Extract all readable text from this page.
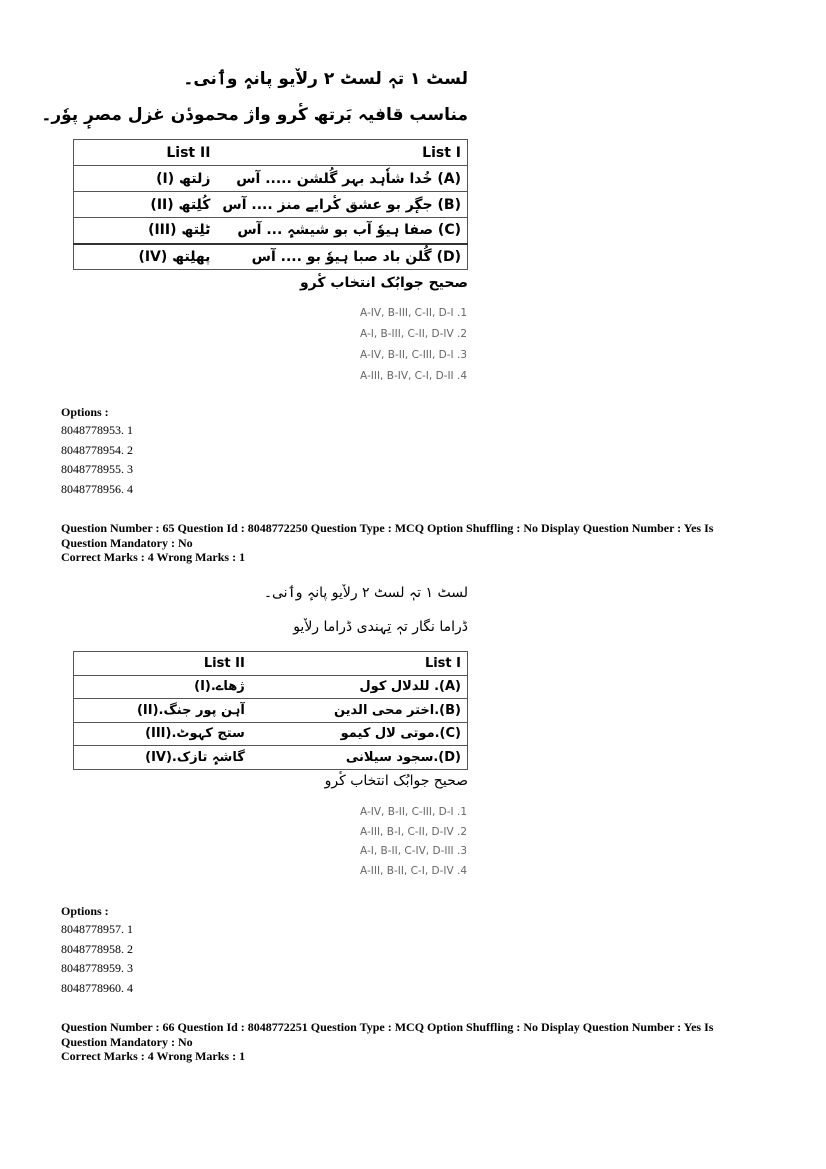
لسٹ ١ تہٖ لسٹ ٢ رلاٚیو پانہٕ وٲنی۔
مناسب قافیہ بَرتھ کٔرو واژ محمودٔن غزل مصرٕ پوٗر۔
List II	List I
(I) زلتھ	(A) خُدا شاٗہد بہر گُلشن ..... آس
(II) کُلِتھ	(B) جگٕر بو عشق کٔرایے منز .... آس
(III) ٹلِتھ	(C) صفا ہیوٗ آب بو شیشہٕ ... آس
(IV) پھلِتھ	(D) گُلن باد صبا ہیوٗ بو .... آس
صحیح جوابُک انتخاب کٔرو
A-IV, B-III, C-II, D-I .1
A-I, B-III, C-II, D-IV .2
A-IV, B-II, C-III, D-I .3
A-III, B-IV, C-I, D-II .4
Options :
8048778953. 1
8048778954. 2
8048778955. 3
8048778956. 4
Question Number : 65 Question Id : 8048772250 Question Type : MCQ Option Shuffling : No Display Question Number : Yes Is
Question Mandatory : No
Correct Marks : 4 Wrong Marks : 1
لسٹ ١ تہٖ لسٹ ٢ رلاٚیو پانہٕ وٲنی۔
ڈراما نگار تہٖ تِہندی ڈراما رلاٚیو
List II	List I
(I).ژھاے	(A). للدلال کول
(II).آہن پور جنگ	(B).اختر محی الدین
(III).ستج کہوٹ	(C).موتی لال کیمو
(IV).گاشہٕ تازک	(D).سجود سیلانی
صحیح جوابُک انتخاب کٔرو
A-IV, B-II, C-III, D-I .1
A-III, B-I, C-II, D-IV .2
A-I, B-II, C-IV, D-III .3
A-III, B-II, C-I, D-IV .4
Options :
8048778957. 1
8048778958. 2
8048778959. 3
8048778960. 4
Question Number : 66 Question Id : 8048772251 Question Type : MCQ Option Shuffling : No Display Question Number : Yes Is
Question Mandatory : No
Correct Marks : 4 Wrong Marks : 1
